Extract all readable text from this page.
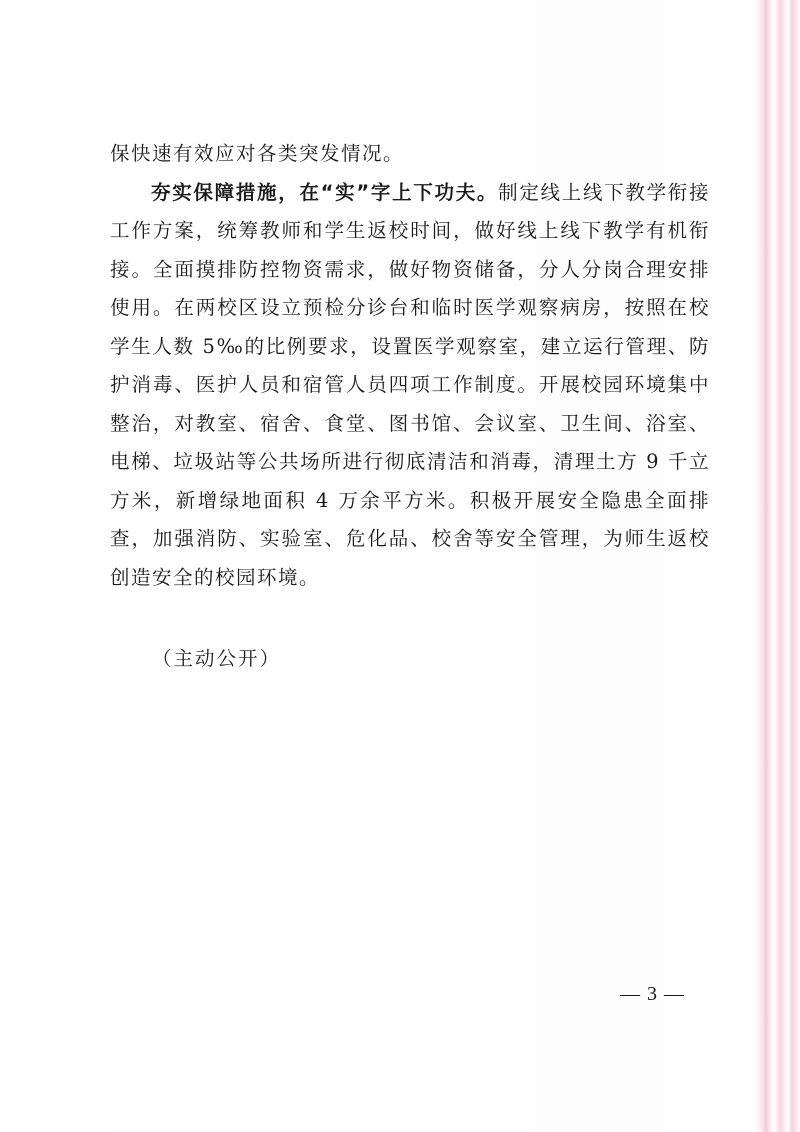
保快速有效应对各类突发情况。

夯实保障措施，在“实”字上下功夫。制定线上线下教学衔接工作方案，统筹教师和学生返校时间，做好线上线下教学有机衔接。全面摸排防控物资需求，做好物资储备，分人分岗合理安排使用。在两校区设立预检分诊台和临时医学观察病房，按照在校学生人数 5‰的比例要求，设置医学观察室，建立运行管理、防护消毒、医护人员和宿管人员四项工作制度。开展校园环境集中整治，对教室、宿舍、食堂、图书馆、会议室、卫生间、浴室、电梯、垃圾站等公共场所进行彻底清洁和消毒，清理土方 9 千立方米，新增绿地面积 4 万余平方米。积极开展安全隐患全面排查，加强消防、实验室、危化品、校舍等安全管理，为师生返校创造安全的校园环境。

（主动公开）
— 3 —
